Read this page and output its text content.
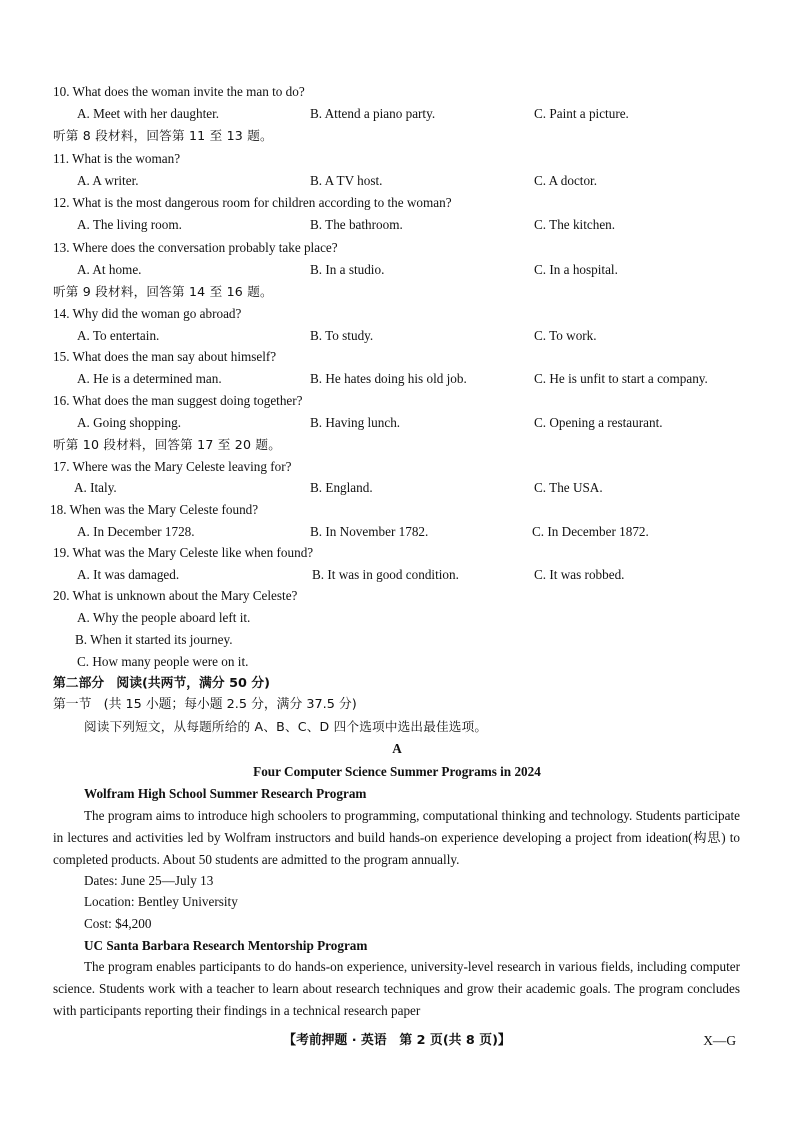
10. What does the woman invite the man to do?
A. Meet with her daughter.	B. Attend a piano party.	C. Paint a picture.
听第 8 段材料，回答第 11 至 13 题。
11. What is the woman?
A. A writer.	B. A TV host.	C. A doctor.
12. What is the most dangerous room for children according to the woman?
A. The living room.	B. The bathroom.	C. The kitchen.
13. Where does the conversation probably take place?
A. At home.	B. In a studio.	C. In a hospital.
听第 9 段材料，回答第 14 至 16 题。
14. Why did the woman go abroad?
A. To entertain.	B. To study.	C. To work.
15. What does the man say about himself?
A. He is a determined man.	B. He hates doing his old job.	C. He is unfit to start a company.
16. What does the man suggest doing together?
A. Going shopping.	B. Having lunch.	C. Opening a restaurant.
听第 10 段材料，回答第 17 至 20 题。
17. Where was the Mary Celeste leaving for?
A. Italy.	B. England.	C. The USA.
18. When was the Mary Celeste found?
A. In December 1728.	B. In November 1782.	C. In December 1872.
19. What was the Mary Celeste like when found?
A. It was damaged.	B. It was in good condition.	C. It was robbed.
20. What is unknown about the Mary Celeste?
A. Why the people aboard left it.
B. When it started its journey.
C. How many people were on it.
第二部分 阅读(共两节，满分 50 分)
第一节 (共 15 小题；每小题 2.5 分，满分 37.5 分)
阅读下列短文，从每题所给的 A、B、C、D 四个选项中选出最佳选项。
A
Four Computer Science Summer Programs in 2024
Wolfram High School Summer Research Program

The program aims to introduce high schoolers to programming, computational thinking and technology. Students participate in lectures and activities led by Wolfram instructors and build hands-on experience developing a project from ideation(构思) to completed products. About 50 students are admitted to the program annually.

Dates: June 25—July 13
Location: Bentley University
Cost: $4,200
UC Santa Barbara Research Mentorship Program

The program enables participants to do hands-on experience, university-level research in various fields, including computer science. Students work with a teacher to learn about research techniques and grow their academic goals. The program concludes with participants reporting their findings in a technical research paper

【考前押题 · 英语　第 2 页(共 8 页)】	X—G
